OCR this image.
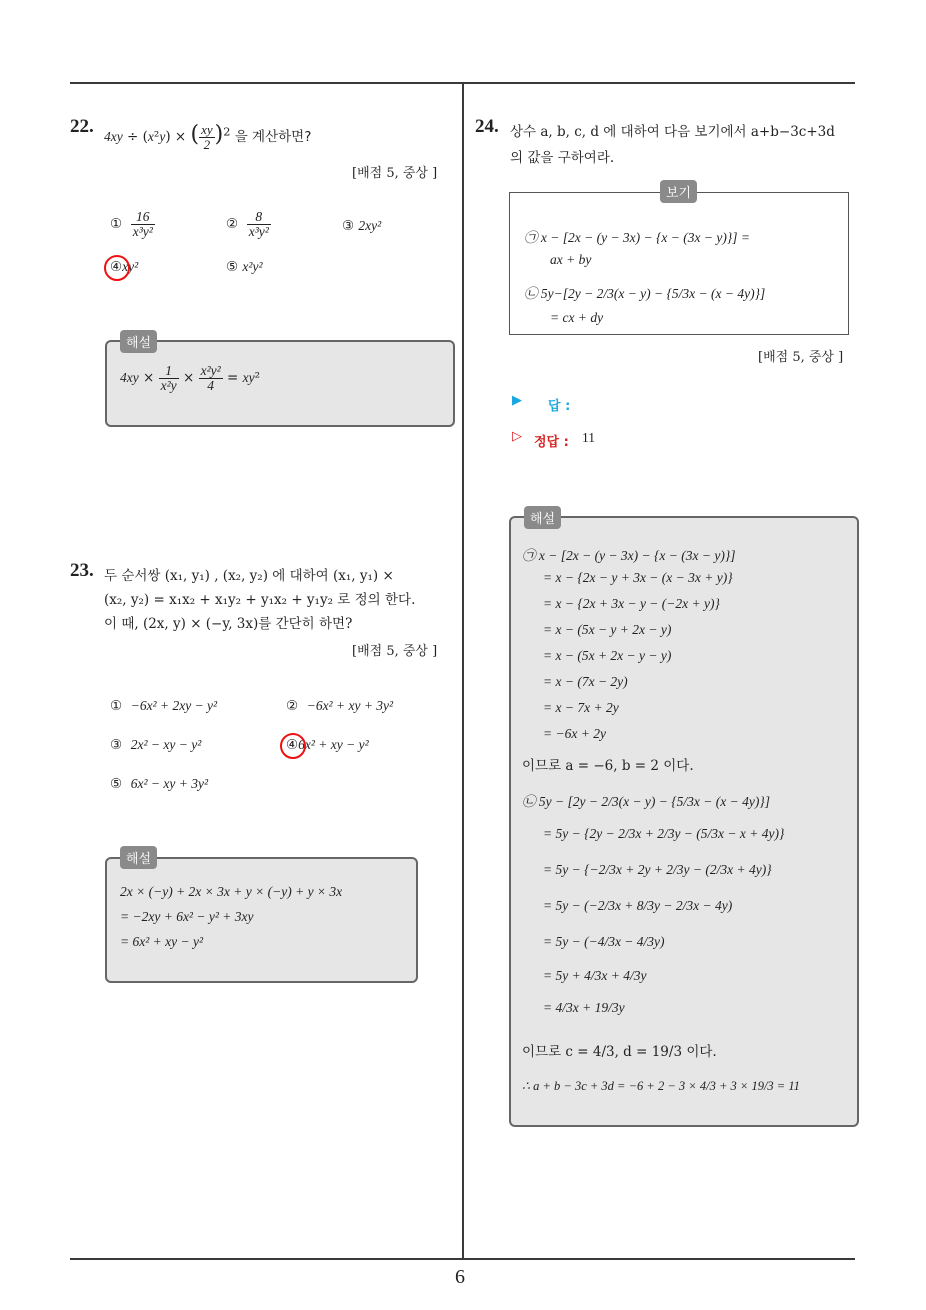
6
22. 4xy ÷ (x²y) × ( $\frac{xy}{2} )^2$ 을 계산하면?
[배점 5, 중상 ]
① $\frac{16}{\text{x³y²}}$	② $\frac{8}{\text{x³y²}}$	③ 2xy²
④xy²	⑤ x²y²
해설
$4xy \times \frac{1}{\text{x²y}} \times \frac{\text{x²y²}}{4} = xy^2$
23. 두 순서쌍 (x₁, y₁) , (x₂, y₂) 에 대하여 (x₁, y₁) ×
(x₂, y₂) = x₁x₂ + x₁y₂ + y₁x₂ + y₁y₂ 로 정의 한다.
이 때, (2x, y) × (−y, 3x)를 간단히 하면?
[배점 5, 중상 ]
① −6x² + 2xy − y²	② −6x² + xy + 3y²
③ 2x² − xy − y²	④6x² + xy − y²
⑤ 6x² − xy + 3y²
해설
2x × (−y) + 2x × 3x + y × (−y) + y × 3x
= −2xy + 6x² − y² + 3xy
= 6x² + xy − y²
24. 상수 a, b, c, d 에 대하여 다음 보기에서 a+b−3c+3d
의 값을 구하여라.
보기
㉠ x − [2x − (y − 3x) − {x − (3x − y)}] =
ax + by
㉡ 5y−[2y − 2/3(x − y) − {5/3x − (x − 4y)}]
= cx + dy
[배점 5, 중상 ]
▶ 답 :
▷ 정답 : 11
해설
㉠ x − [2x − (y − 3x) − {x − (3x − y)}]
= x − {2x − y + 3x − (x − 3x + y)}
= x − {2x + 3x − y − (−2x + y)}
= x − (5x − y + 2x − y)
= x − (5x + 2x − y − y)
= x − (7x − 2y)
= x − 7x + 2y
= −6x + 2y
이므로 a = −6, b = 2 이다.
㉡ 5y − [2y − 2/3(x − y) − {5/3x − (x − 4y)}]
= 5y − {2y − 2/3x + 2/3y − (5/3x − x + 4y)}
= 5y − {−2/3x + 2y + 2/3y − (2/3x + 4y)}
= 5y − (−2/3x + 8/3y − 2/3x − 4y)
= 5y − (−4/3x − 4/3y)
= 5y + 4/3x + 4/3y
= 4/3x + 19/3y
이므로 c = 4/3, d = 19/3 이다.
∴ a + b − 3c + 3d = −6 + 2 − 3 × 4/3 + 3 × 19/3 = 11
